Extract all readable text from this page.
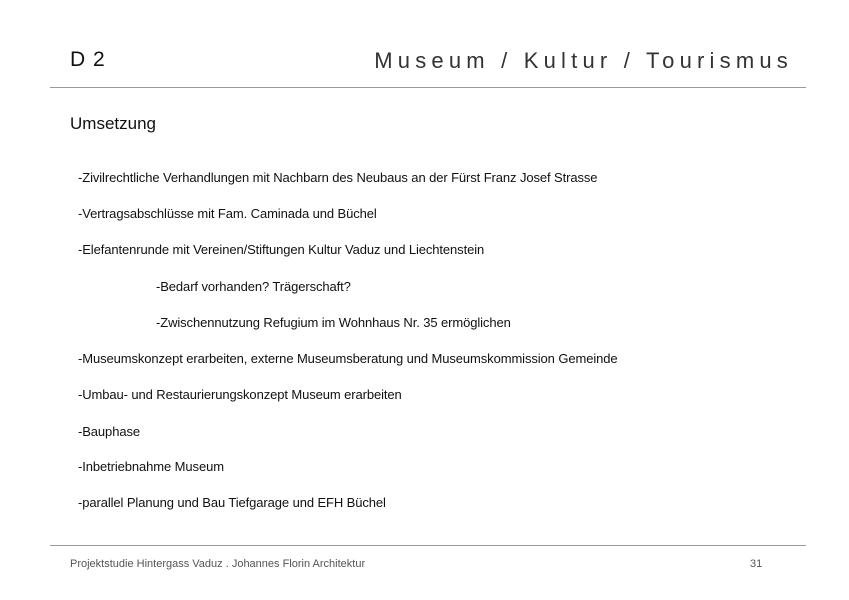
D 2	Museum / Kultur / Tourismus
Umsetzung
-Zivilrechtliche Verhandlungen mit Nachbarn des Neubaus an der Fürst Franz Josef Strasse
-Vertragsabschlüsse mit Fam. Caminada und Büchel
-Elefantenrunde mit Vereinen/Stiftungen Kultur Vaduz und Liechtenstein
-Bedarf vorhanden? Trägerschaft?
-Zwischennutzung Refugium im Wohnhaus Nr. 35 ermöglichen
-Museumskonzept erarbeiten, externe Museumsberatung und Museumskommission Gemeinde
-Umbau- und Restaurierungskonzept Museum erarbeiten
-Bauphase
-Inbetriebnahme Museum
-parallel Planung und Bau Tiefgarage und EFH Büchel
Projektstudie Hintergass Vaduz . Johannes Florin Architektur	31
